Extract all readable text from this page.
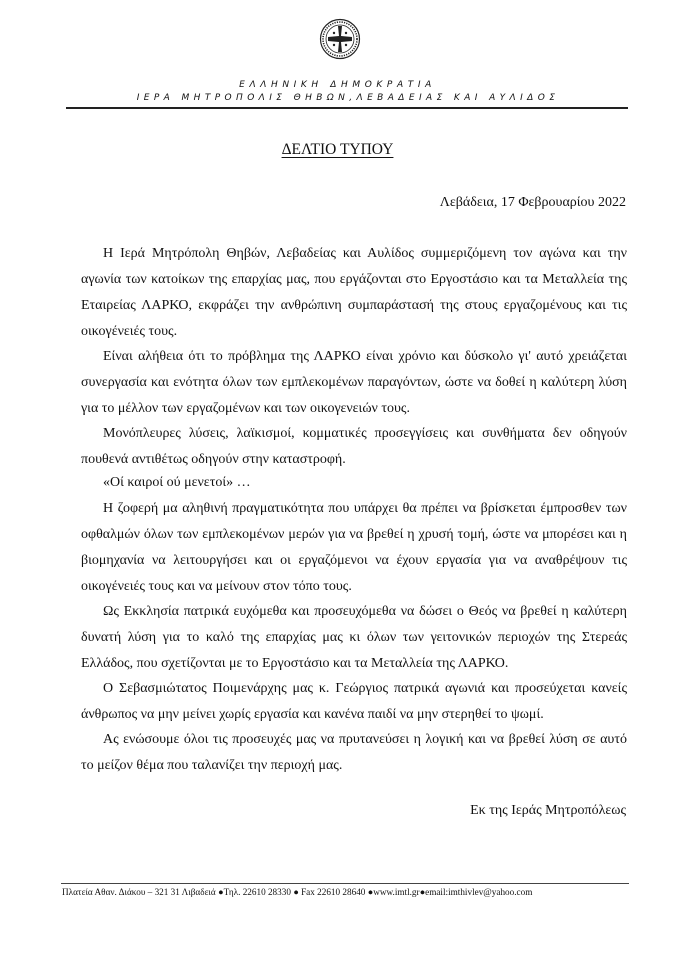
ΕΛΛΗΝΙΚΗ ΔΗΜΟΚΡΑΤΙΑ
ΙΕΡΑ ΜΗΤΡΟΠΟΛΙΣ ΘΗΒΩΝ,ΛΕΒΑΔΕΙΑΣ ΚΑΙ ΑΥΛΙΔΟΣ
ΔΕΛΤΙΟ ΤΥΠΟΥ
Λεβάδεια, 17 Φεβρουαρίου 2022

Η Ιερά Μητρόπολη Θηβών, Λεβαδείας και Αυλίδος συμμεριζόμενη τον αγώνα και την αγωνία των κατοίκων της επαρχίας μας, που εργάζονται στο Εργοστάσιο και τα Μεταλλεία της Εταιρείας ΛΑΡΚΟ, εκφράζει την ανθρώπινη συμπαράστασή της στους εργαζομένους και τις οικογένειές τους.

Είναι αλήθεια ότι το πρόβλημα της ΛΑΡΚΟ είναι χρόνιο και δύσκολο γι' αυτό χρειάζεται συνεργασία και ενότητα όλων των εμπλεκομένων παραγόντων, ώστε να δοθεί η καλύτερη λύση για το μέλλον των εργαζομένων και των οικογενειών τους.

Μονόπλευρες λύσεις, λαϊκισμοί, κομματικές προσεγγίσεις και συνθήματα δεν οδηγούν πουθενά αντιθέτως οδηγούν στην καταστροφή.

«Οί καιροί ού μενετοί» …

Η ζοφερή μα αληθινή πραγματικότητα που υπάρχει θα πρέπει να βρίσκεται έμπροσθεν των οφθαλμών όλων των εμπλεκομένων μερών για να βρεθεί η χρυσή τομή, ώστε να μπορέσει και η βιομηχανία να λειτουργήσει και οι εργαζόμενοι να έχουν εργασία για να αναθρέψουν τις οικογένειές τους και να μείνουν στον τόπο τους.

Ως Εκκλησία πατρικά ευχόμεθα και προσευχόμεθα να δώσει ο Θεός να βρεθεί η καλύτερη δυνατή λύση για το καλό της επαρχίας μας κι όλων των γειτονικών περιοχών της Στερεάς Ελλάδος, που σχετίζονται με το Εργοστάσιο και τα Μεταλλεία της ΛΑΡΚΟ.

Ο Σεβασμιώτατος Ποιμενάρχης μας κ. Γεώργιος πατρικά αγωνιά και προσεύχεται κανείς άνθρωπος να μην μείνει χωρίς εργασία και κανένα παιδί να μην στερηθεί το ψωμί.

Ας ενώσουμε όλοι τις προσευχές μας να πρυτανεύσει η λογική και να βρεθεί λύση σε αυτό το μείζον θέμα που ταλανίζει την περιοχή μας.

Εκ της Ιεράς Μητροπόλεως
Πλατεία Αθαν. Διάκου – 321 31 Λιβαδειά ●Τηλ. 22610 28330 ● Fax 22610 28640 ●www.imtl.gr●email:imthivlev@yahoo.com
